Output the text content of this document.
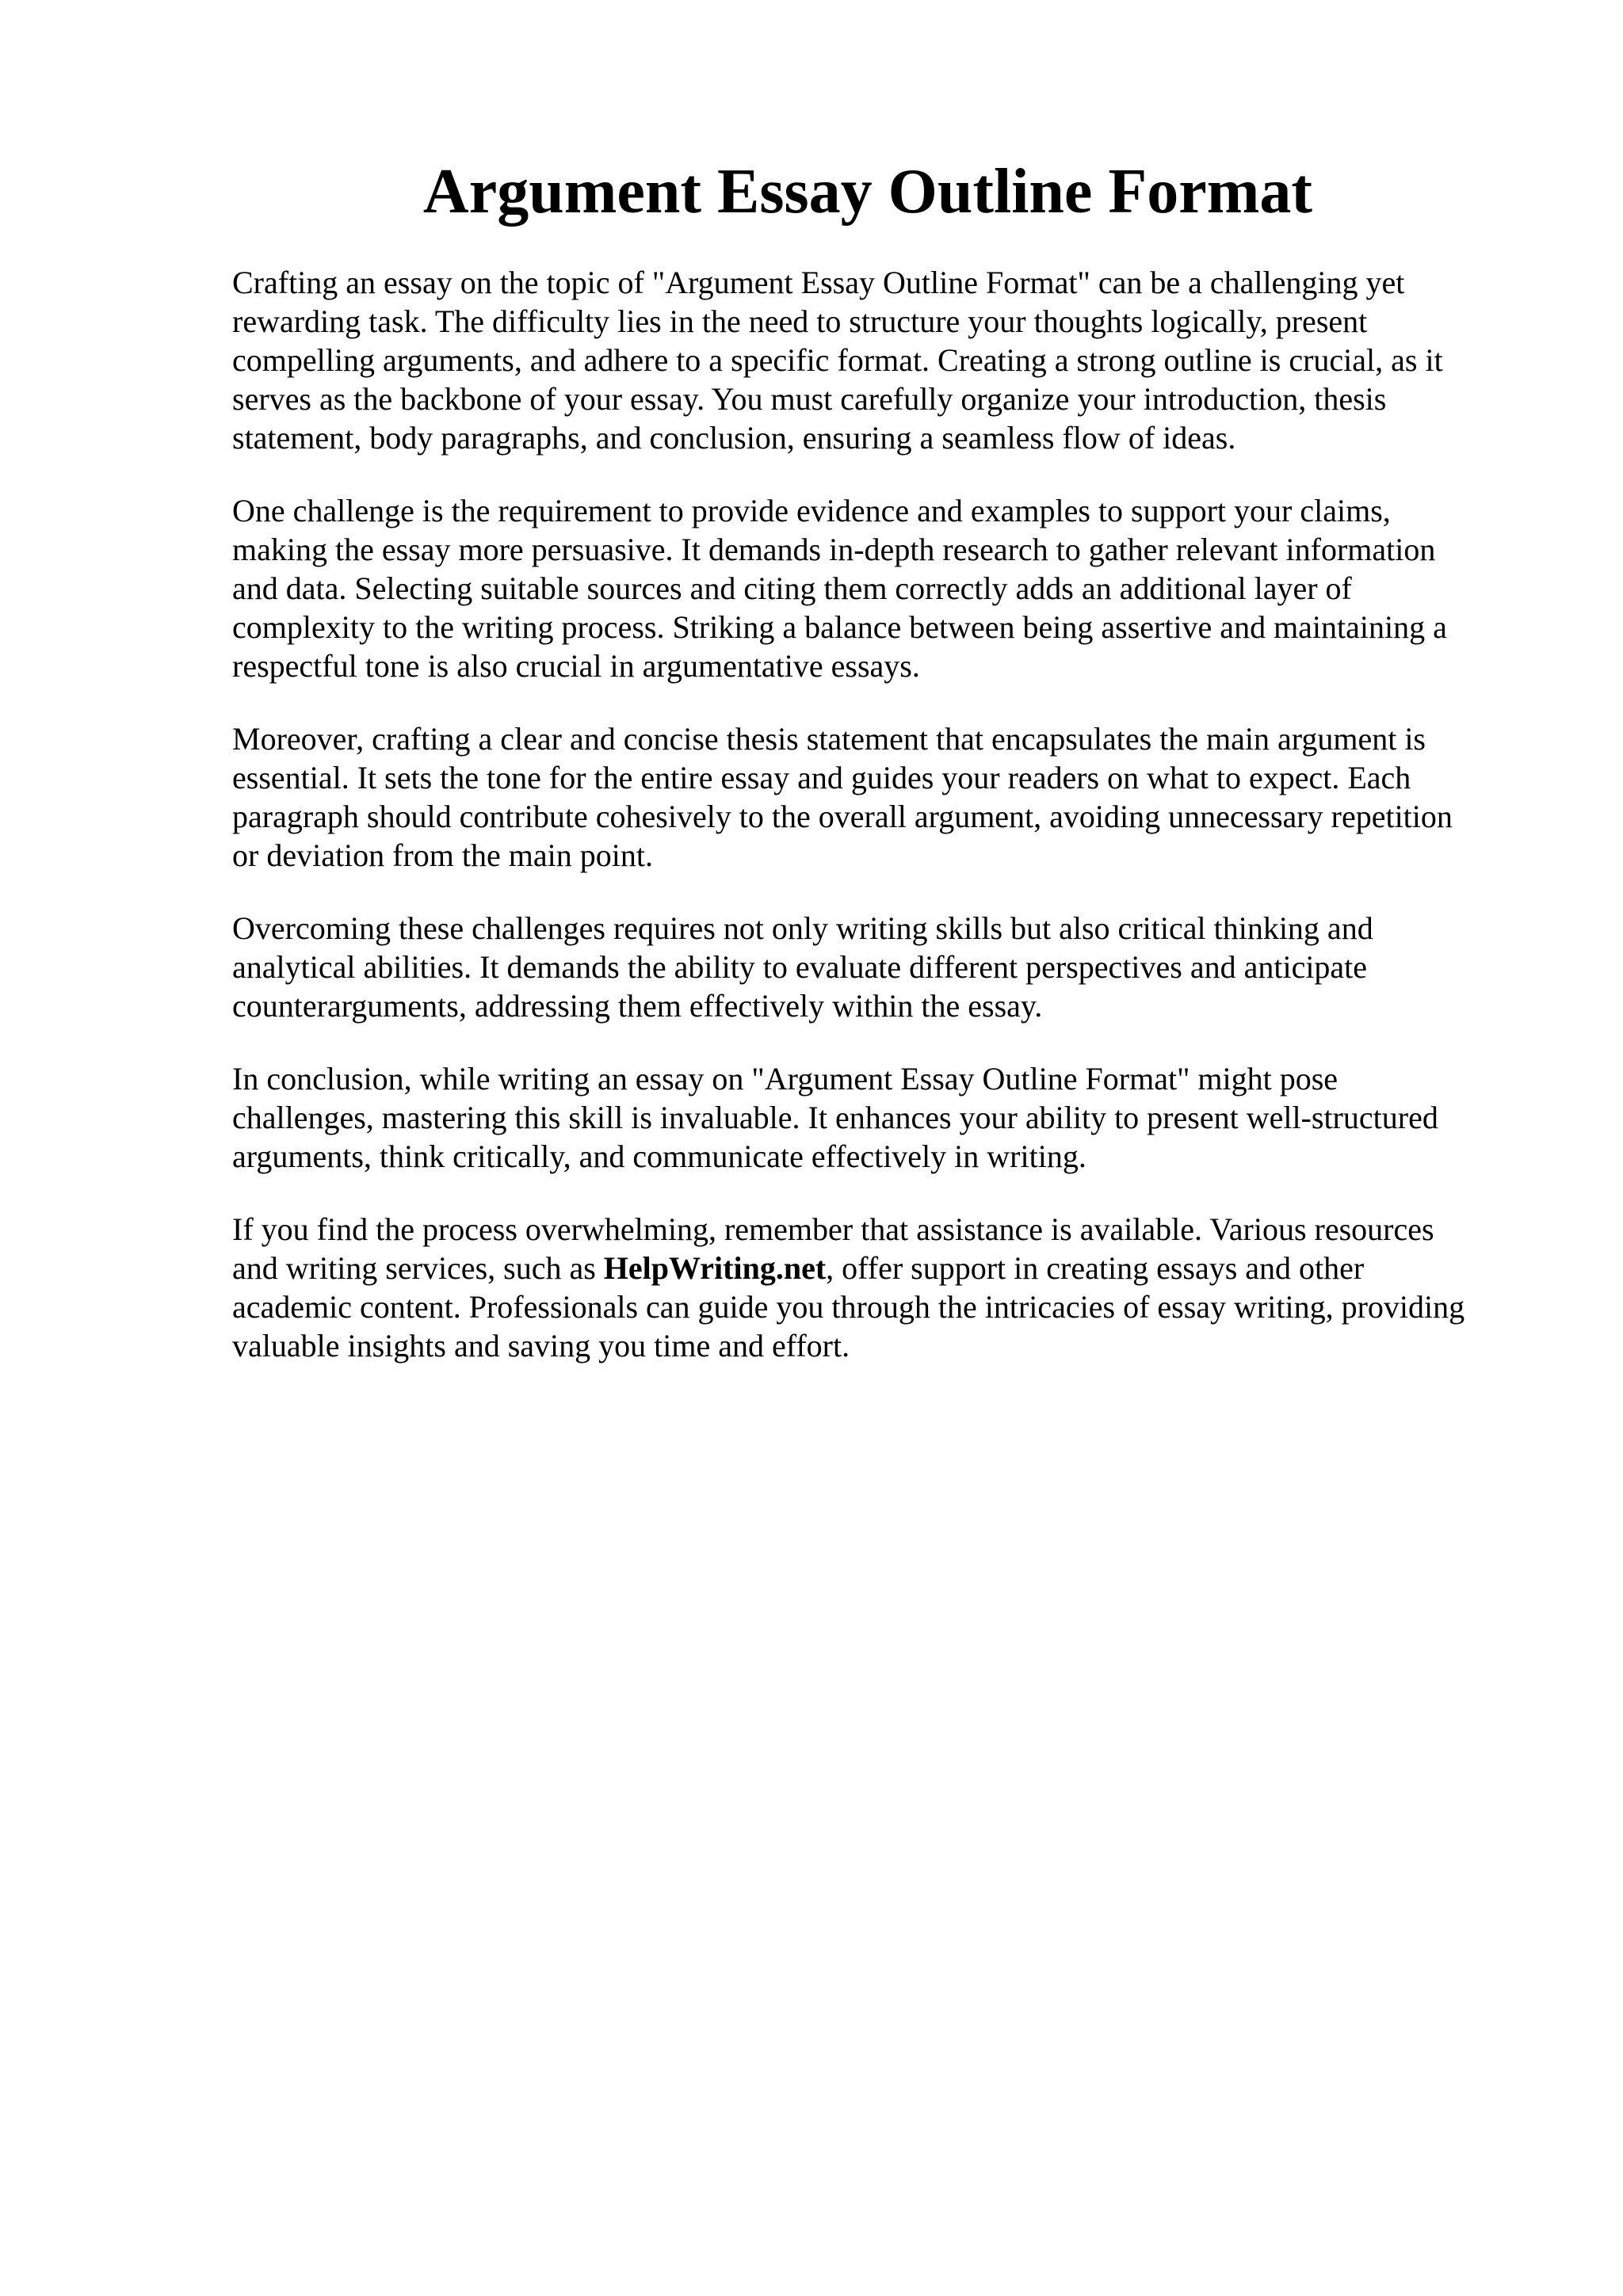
Argument Essay Outline Format

Crafting an essay on the topic of "Argument Essay Outline Format" can be a challenging yet
rewarding task. The difficulty lies in the need to structure your thoughts logically, present
compelling arguments, and adhere to a specific format. Creating a strong outline is crucial, as it
serves as the backbone of your essay. You must carefully organize your introduction, thesis
statement, body paragraphs, and conclusion, ensuring a seamless flow of ideas.

One challenge is the requirement to provide evidence and examples to support your claims,
making the essay more persuasive. It demands in-depth research to gather relevant information
and data. Selecting suitable sources and citing them correctly adds an additional layer of
complexity to the writing process. Striking a balance between being assertive and maintaining a
respectful tone is also crucial in argumentative essays.

Moreover, crafting a clear and concise thesis statement that encapsulates the main argument is
essential. It sets the tone for the entire essay and guides your readers on what to expect. Each
paragraph should contribute cohesively to the overall argument, avoiding unnecessary repetition
or deviation from the main point.

Overcoming these challenges requires not only writing skills but also critical thinking and
analytical abilities. It demands the ability to evaluate different perspectives and anticipate
counterarguments, addressing them effectively within the essay.

In conclusion, while writing an essay on "Argument Essay Outline Format" might pose
challenges, mastering this skill is invaluable. It enhances your ability to present well-structured
arguments, think critically, and communicate effectively in writing.

If you find the process overwhelming, remember that assistance is available. Various resources
and writing services, such as HelpWriting.net, offer support in creating essays and other
academic content. Professionals can guide you through the intricacies of essay writing, providing
valuable insights and saving you time and effort.
